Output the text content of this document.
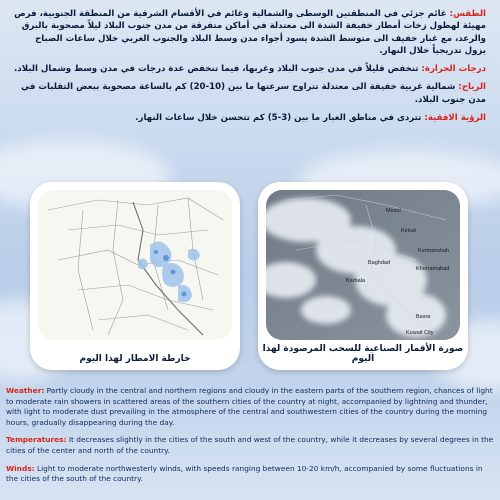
الطقس: غائم جزئي في المنطقتين الوسطى والشمالية وغائم في الأقسام الشرقية من المنطقة الجنوبية، فرص مهيئة لهطول زخات أمطار خفيفة الشدة الى معتدلة في أماكن متفرقة من مدن جنوب البلاد ليلاً مصحوبة بالبرق والرعد، مع غبار خفيف الى متوسط الشدة يسود أجواء مدن وسط البلاد والجنوب الغربي خلال ساعات الصباح يزول تدريجياً خلال النهار.

درجات الحرارة: تنخفض قليلاً في مدن جنوب البلاد وغربها، فيما تنخفض عدة درجات في مدن وسط وشمال البلاد.

الرياح: شمالية غربية خفيفة الى معتدلة تتراوح سرعتها ما بين (10-20) كم بالساعة مصحوبة ببعض التقلبات في مدن جنوب البلاد.

الرؤية الافقية: تتردى في مناطق الغبار ما بين (3-5) كم تتحسن خلال ساعات النهار.

خارطة الامطار لهذا اليوم
Mosul
Kirkuk
Baghdad
Karbala
Kermanshah
Khorramabad
Basra
Kuwait City
صورة الأقمار الصناعية للسحب المرصودة لهذا اليوم

Weather: Partly cloudy in the central and northern regions and cloudy in the eastern parts of the southern region, chances of light to moderate rain showers in scattered areas of the southern cities of the country at night, accompanied by lightning and thunder, with light to moderate dust prevailing in the atmosphere of the central and southwestern cities of the country during the morning hours, gradually disappearing during the day.

Temperatures: It decreases slightly in the cities of the south and west of the country, while it decreases by several degrees in the cities of the center and north of the country.

Winds: Light to moderate northwesterly winds, with speeds ranging between 10-20 km/h, accompanied by some fluctuations in the cities of the south of the country.
